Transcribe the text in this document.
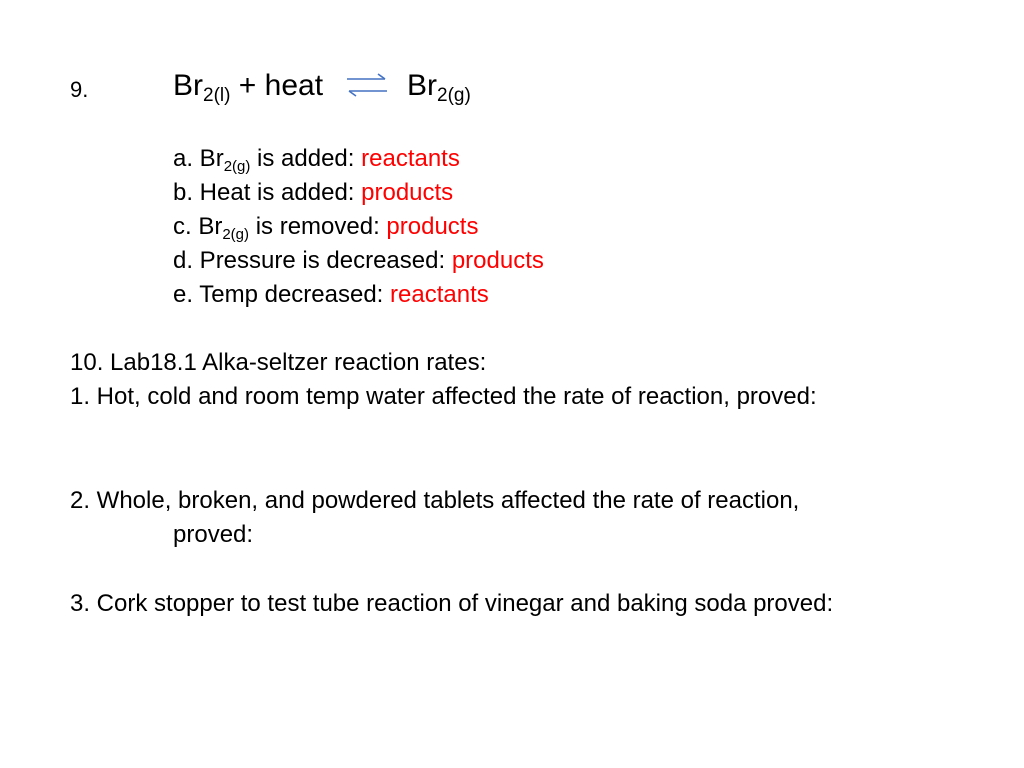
9.	$Br_{2(l)}$ + heat ⇌ $Br_{2(g)}$
a. $Br_{2(g)}$ is added: reactants
b. Heat is added: products
c. $Br_{2(g)}$ is removed: products
d. Pressure is decreased: products
e. Temp decreased: reactants
10. Lab18.1 Alka-seltzer reaction rates:
1. Hot, cold and room temp water affected the rate of reaction, proved:
2. Whole, broken, and powdered tablets affected the rate of reaction,
proved:
3. Cork stopper to test tube reaction of vinegar and baking soda proved:
